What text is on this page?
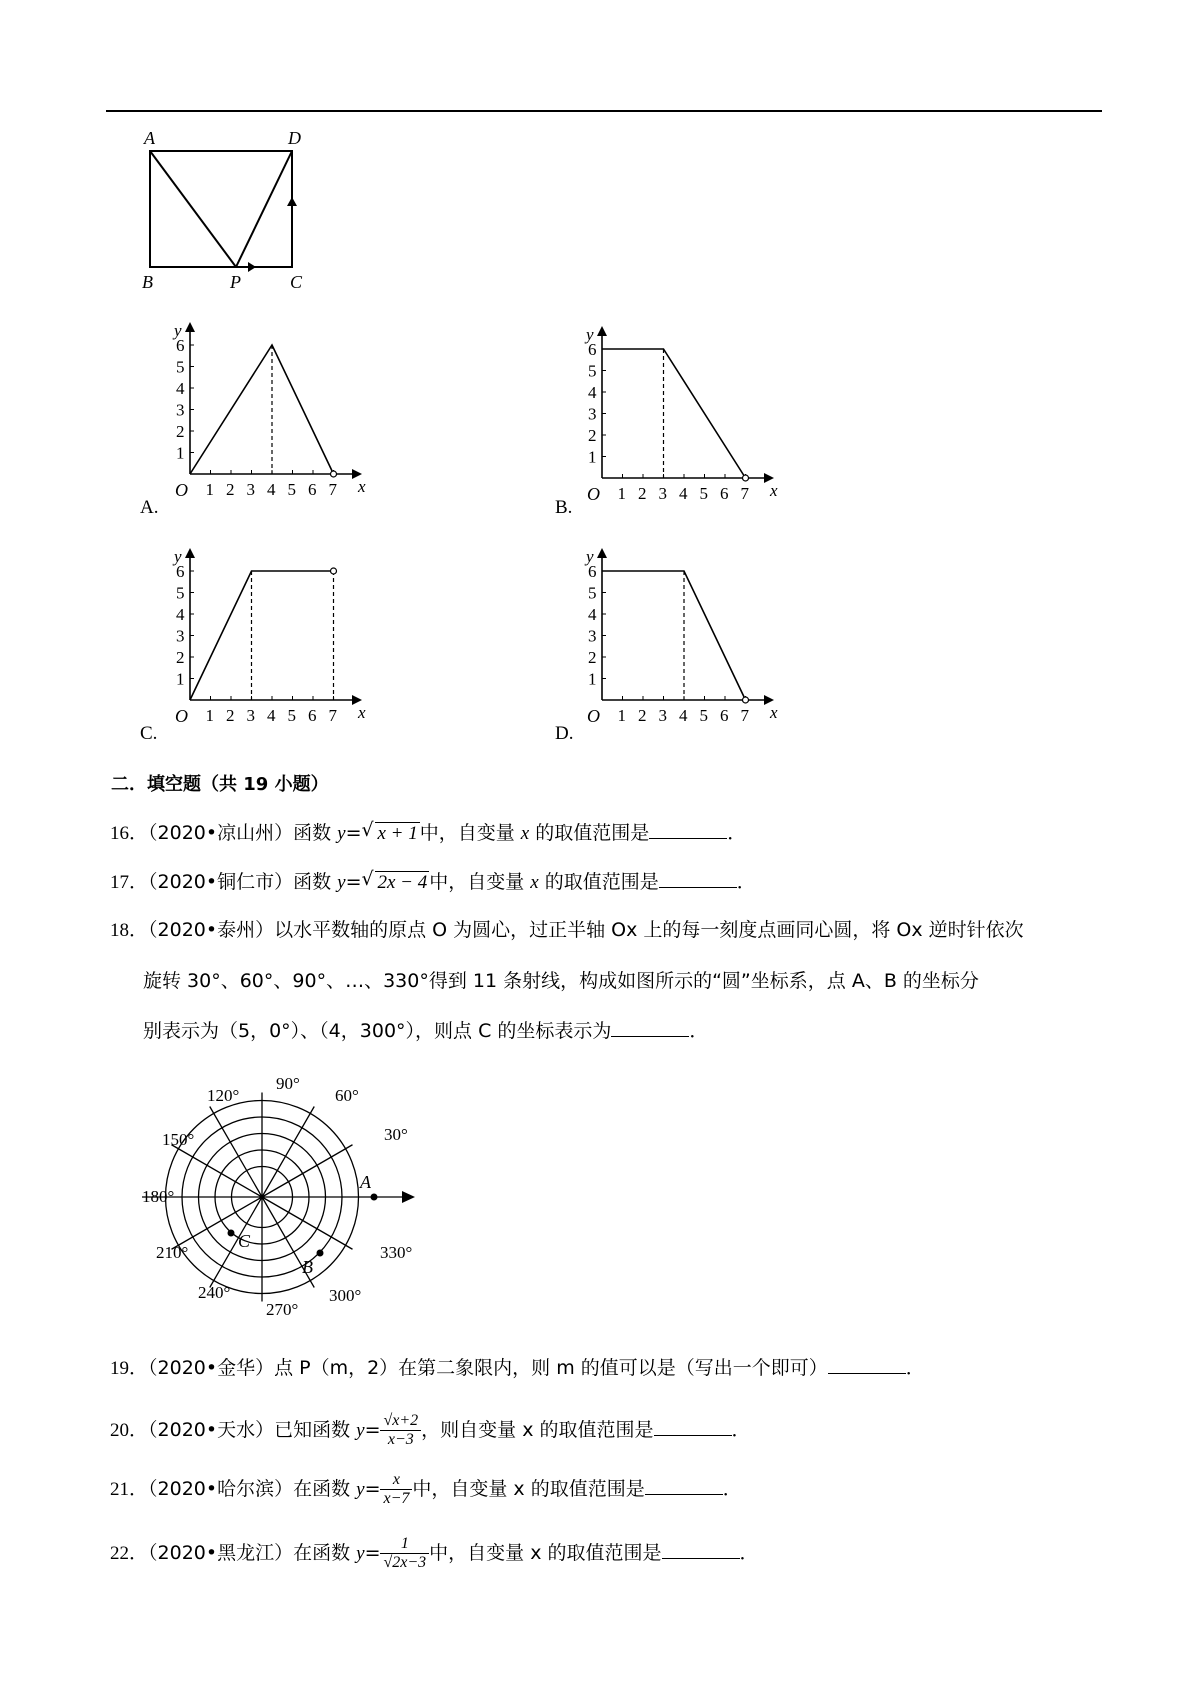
A	D
B	P	C
A.
1 2 3 4 5 6 7
1
2
3
4
5
6
O	x
y
B.
1 2 3 4 5 6 7
1
2
3
4
5
6
O	x
y
C.
1 2 3 4 5 6 7
1
2
3
4
5
6
O	x
y
D.
1 2 3 4 5 6 7
1
2
3
4
5
6
O	x
y
二．填空题（共 19 小题）
16．（2020•凉山州）函数 y= √ x + 1 中，自变量 x 的取值范围是	．
17．（2020•铜仁市）函数 y= √ 2x − 4 中，自变量 x 的取值范围是	．
18．（2020•泰州）以水平数轴的原点 O 为圆心，过正半轴 Ox 上的每一刻度点画同心圆，将 Ox 逆时针依次
旋转 30°、60°、90°、…、330°得到 11 条射线，构成如图所示的“圆”坐标系，点 A、B 的坐标分
别表示为（5，0°）、（4，300°），则点 C 的坐标表示为	．
A
C
B
90°
60°
30°
120°
150°
180°
210°
240°
270°
300°
330°
19．（2020•金华）点 P（m，2）在第二象限内，则 m 的值可以是（写出一个即可）	．
20．（2020•天水）已知函数 $y= \frac{√x+2}{x-3}$ ，则自变量 x 的取值范围是	．
21．（2020•哈尔滨）在函数 $y= \frac{x}{x-7}$ 中，自变量 x 的取值范围是	．
22．（2020•黑龙江）在函数 $y= \frac{1}{√2x-3}$ 中，自变量 x 的取值范围是	．
